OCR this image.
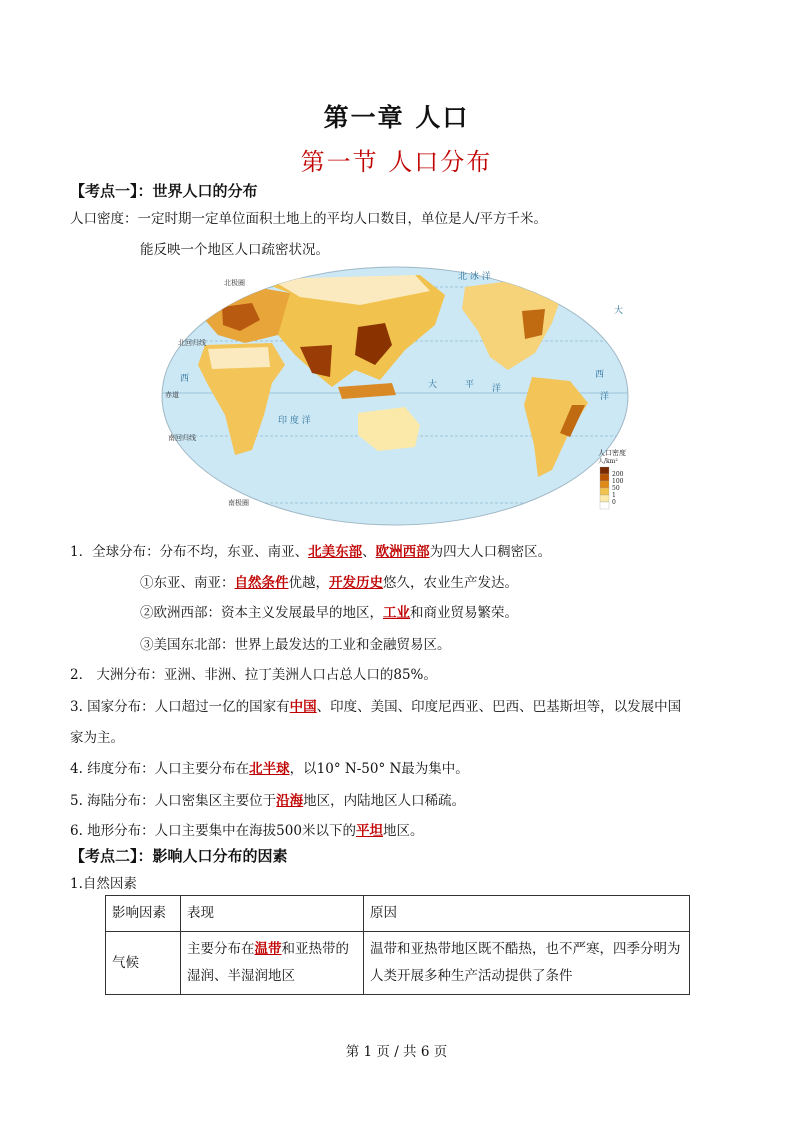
第一章 人口
第一节 人口分布
【考点一】：世界人口的分布
人口密度：一定时期一定单位面积土地上的平均人口数目，单位是人/平方千米。
能反映一个地区人口疏密状况。
北极圈
北回归线
赤道
南回归线
南极圈
北 冰 洋
印 度 洋
大	平 洋
大
西	西
洋
人口密度
人/km²
200
100
50
1
0
1．全球分布：分布不均，东亚、南亚、北美东部、欧洲西部为四大人口稠密区。
①东亚、南亚：自然条件优越，开发历史悠久，农业生产发达。
②欧洲西部：资本主义发展最早的地区，工业和商业贸易繁荣。
③美国东北部：世界上最发达的工业和金融贸易区。
2． 大洲分布：亚洲、非洲、拉丁美洲人口占总人口的85%。
3. 国家分布：人口超过一亿的国家有中国、印度、美国、印度尼西亚、巴西、巴基斯坦等，以发展中国
家为主。
4. 纬度分布：人口主要分布在北半球，以10° N-50° N最为集中。
5. 海陆分布：人口密集区主要位于沿海地区，内陆地区人口稀疏。
6. 地形分布：人口主要集中在海拔500米以下的平坦地区。
【考点二】：影响人口分布的因素
1.自然因素
影响因素	表现	原因
气候	主要分布在温带和亚热带的湿润、半湿润地区	温带和亚热带地区既不酷热，也不严寒，四季分明为人类开展多种生产活动提供了条件
第 1 页 / 共 6 页
